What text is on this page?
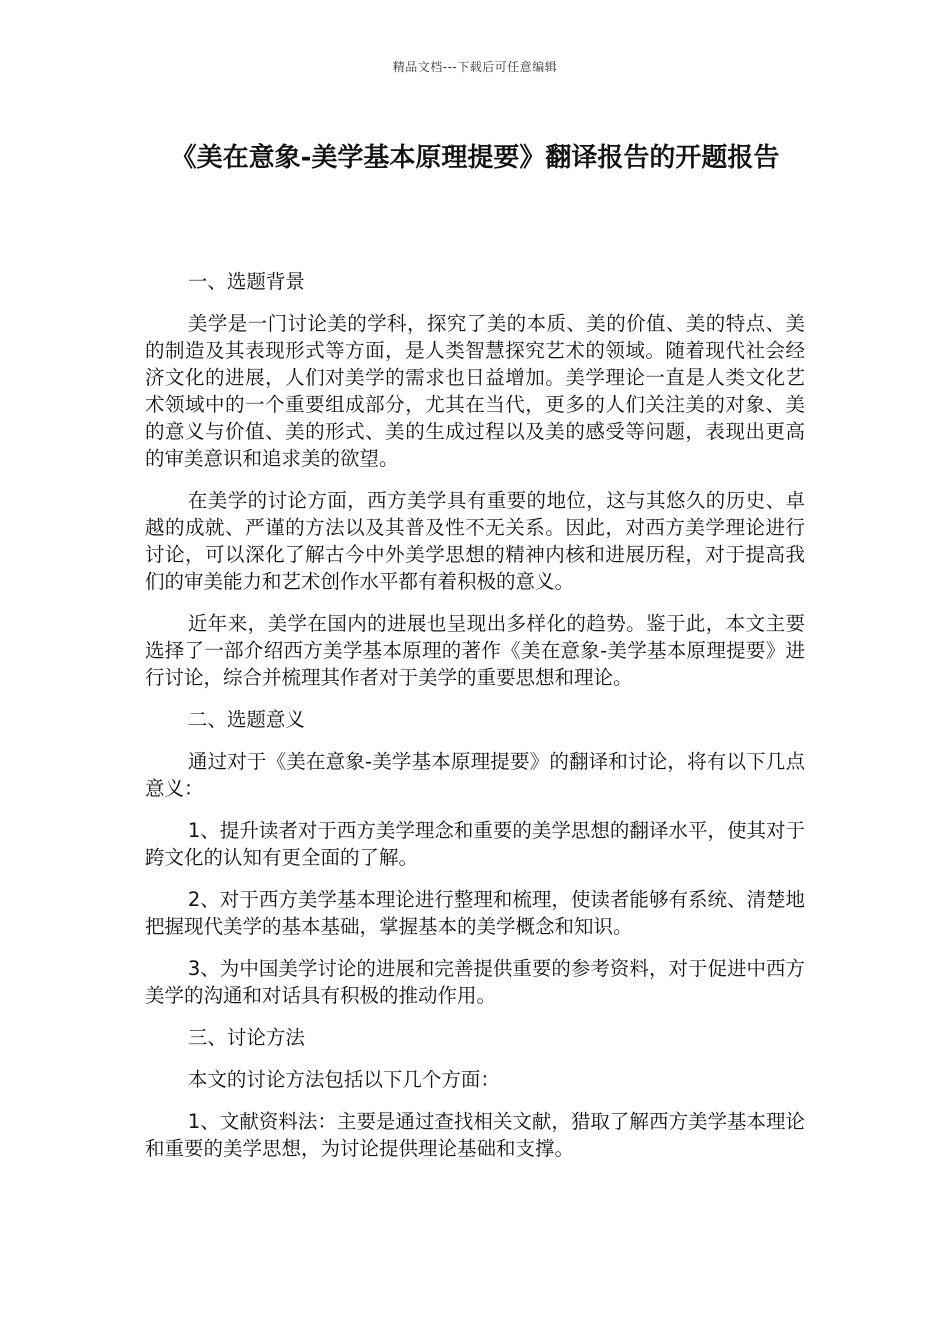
精品文档---下载后可任意编辑
《美在意象-美学基本原理提要》翻译报告的开题报告

一、选题背景

美学是一门讨论美的学科，探究了美的本质、美的价值、美的特点、美的制造及其表现形式等方面，是人类智慧探究艺术的领域。随着现代社会经济文化的进展，人们对美学的需求也日益增加。美学理论一直是人类文化艺术领域中的一个重要组成部分，尤其在当代，更多的人们关注美的对象、美的意义与价值、美的形式、美的生成过程以及美的感受等问题，表现出更高的审美意识和追求美的欲望。

在美学的讨论方面，西方美学具有重要的地位，这与其悠久的历史、卓越的成就、严谨的方法以及其普及性不无关系。因此，对西方美学理论进行讨论，可以深化了解古今中外美学思想的精神内核和进展历程，对于提高我们的审美能力和艺术创作水平都有着积极的意义。

近年来，美学在国内的进展也呈现出多样化的趋势。鉴于此，本文主要选择了一部介绍西方美学基本原理的著作《美在意象-美学基本原理提要》进行讨论，综合并梳理其作者对于美学的重要思想和理论。

二、选题意义

通过对于《美在意象-美学基本原理提要》的翻译和讨论，将有以下几点意义：

1、提升读者对于西方美学理念和重要的美学思想的翻译水平，使其对于跨文化的认知有更全面的了解。

2、对于西方美学基本理论进行整理和梳理，使读者能够有系统、清楚地把握现代美学的基本基础，掌握基本的美学概念和知识。

3、为中国美学讨论的进展和完善提供重要的参考资料，对于促进中西方美学的沟通和对话具有积极的推动作用。

三、讨论方法

本文的讨论方法包括以下几个方面：

1、文献资料法：主要是通过查找相关文献，猎取了解西方美学基本理论和重要的美学思想，为讨论提供理论基础和支撑。
